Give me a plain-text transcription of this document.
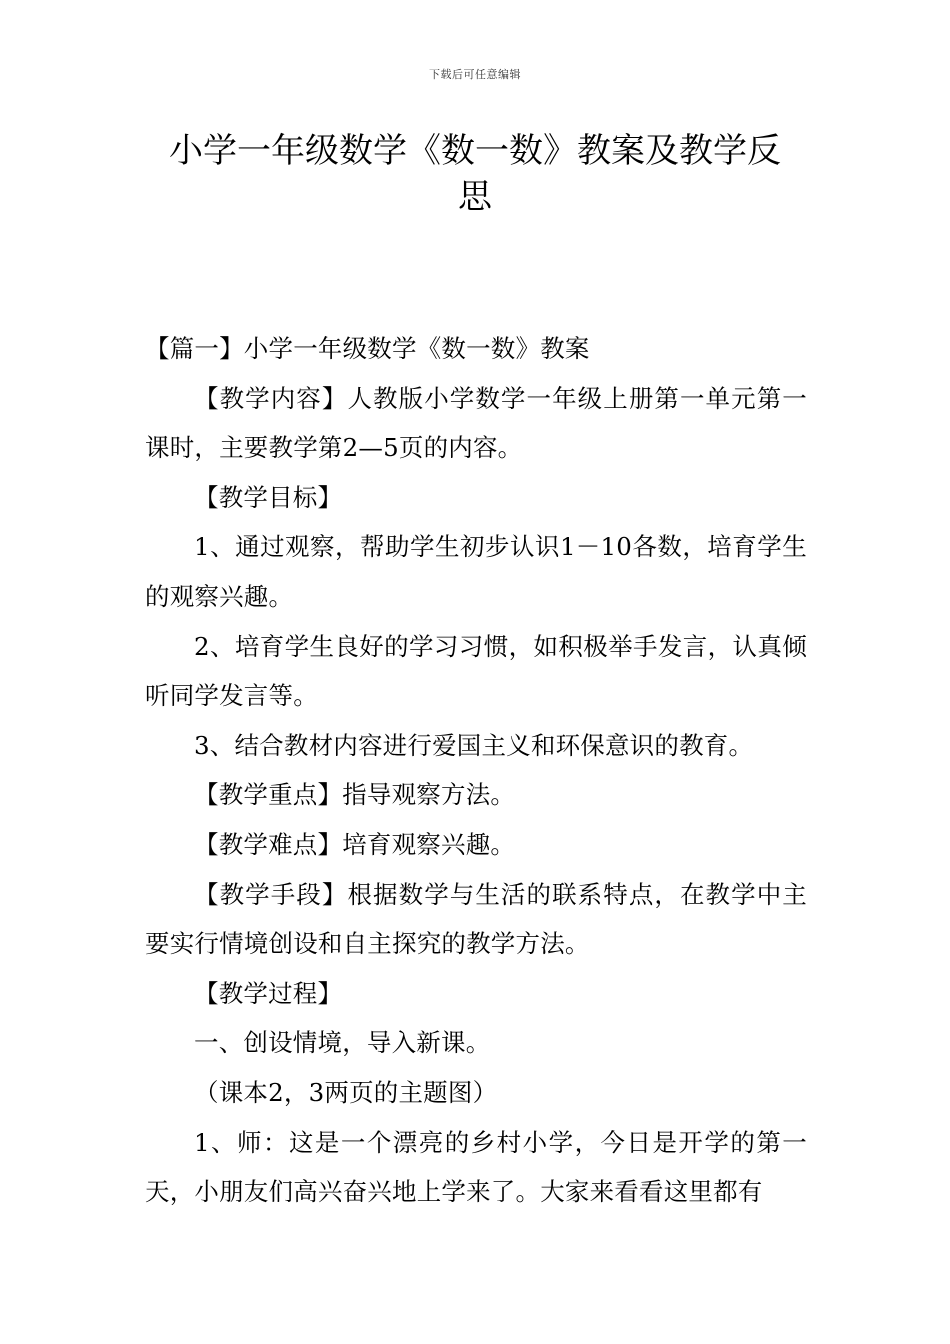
下载后可任意编辑
小学一年级数学《数一数》教案及教学反
思

【篇一】小学一年级数学《数一数》教案

【教学内容】人教版小学数学一年级上册第一单元第一课时，主要教学第2—5页的内容。

【教学目标】

1、通过观察，帮助学生初步认识1－10各数，培育学生的观察兴趣。

2、培育学生良好的学习习惯，如积极举手发言，认真倾听同学发言等。

3、结合教材内容进行爱国主义和环保意识的教育。

【教学重点】指导观察方法。

【教学难点】培育观察兴趣。

【教学手段】根据数学与生活的联系特点，在教学中主要实行情境创设和自主探究的教学方法。

【教学过程】

一、创设情境，导入新课。

（课本2，3两页的主题图）

1、师：这是一个漂亮的乡村小学，今日是开学的第一天，小朋友们高兴奋兴地上学来了。大家来看看这里都有
